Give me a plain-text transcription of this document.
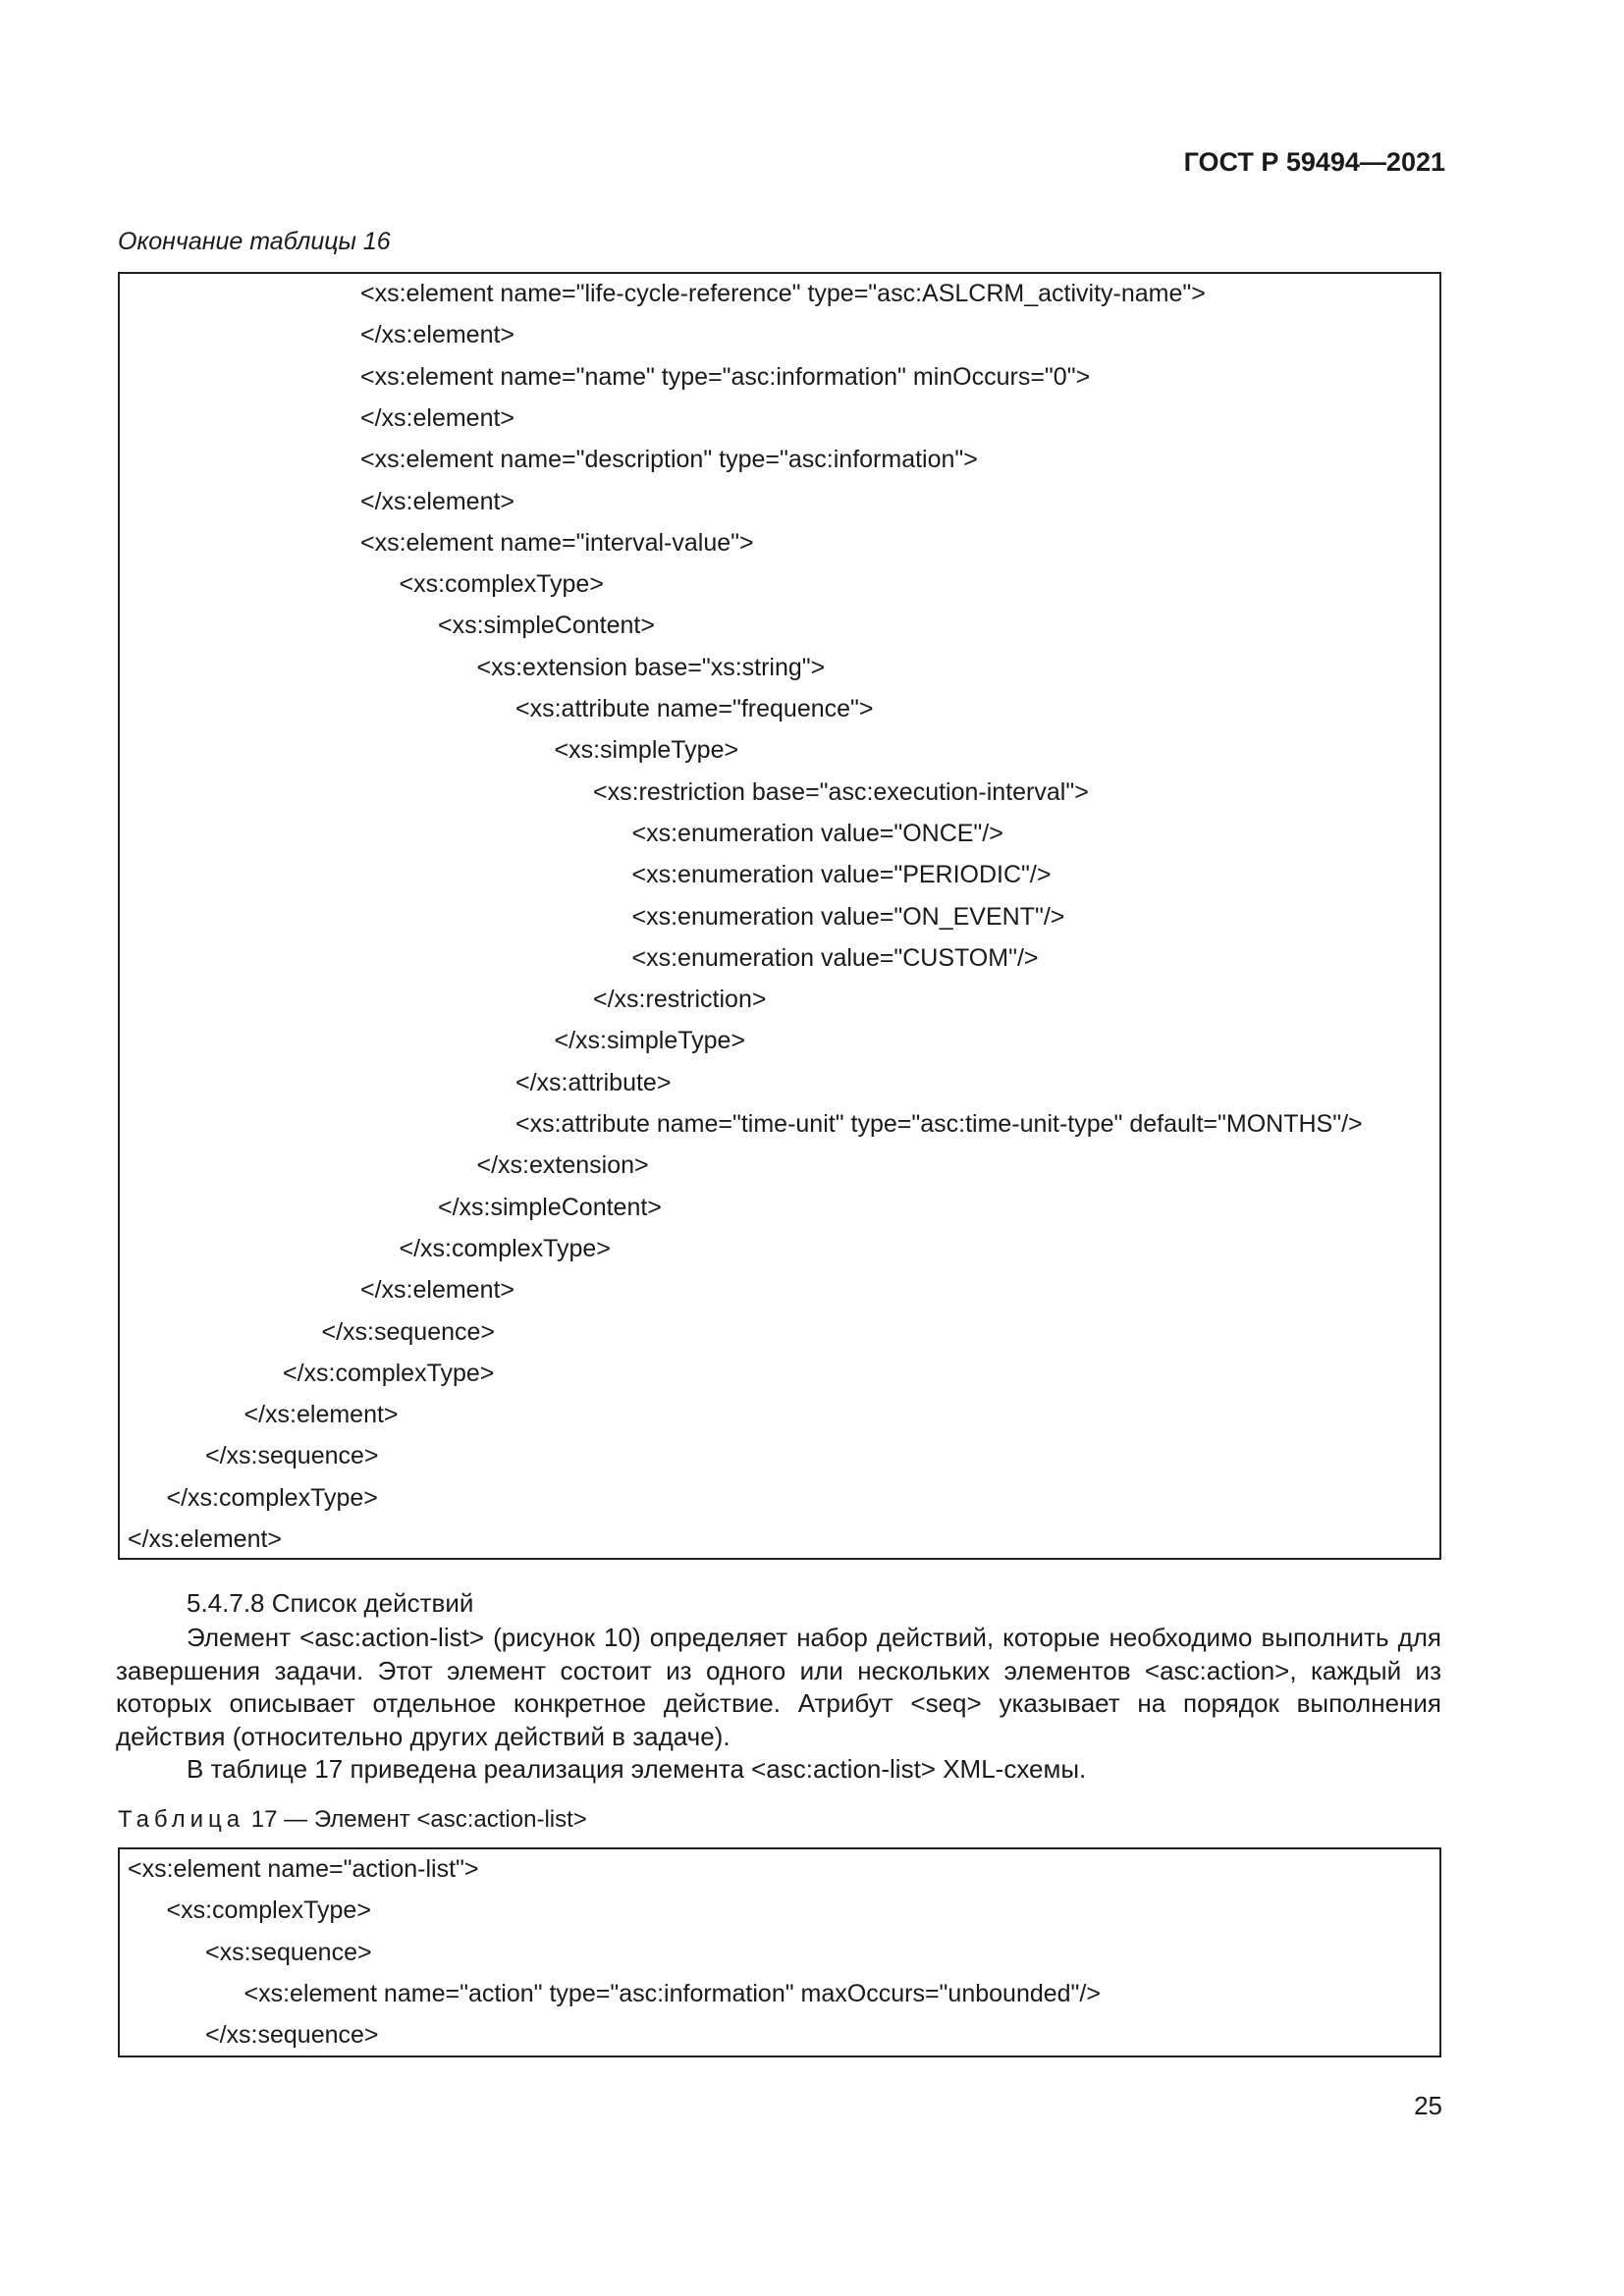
ГОСТ Р 59494—2021
Окончание таблицы 16
<xs:element name="life-cycle-reference" type="asc:ASLCRM_activity-name">
</xs:element>
<xs:element name="name" type="asc:information" minOccurs="0">
</xs:element>
<xs:element name="description" type="asc:information">
</xs:element>
<xs:element name="interval-value">
<xs:complexType>
<xs:simpleContent>
<xs:extension base="xs:string">
<xs:attribute name="frequence">
<xs:simpleType>
<xs:restriction base="asc:execution-interval">
<xs:enumeration value="ONCE"/>
<xs:enumeration value="PERIODIC"/>
<xs:enumeration value="ON_EVENT"/>
<xs:enumeration value="CUSTOM"/>
</xs:restriction>
</xs:simpleType>
</xs:attribute>
<xs:attribute name="time-unit" type="asc:time-unit-type" default="MONTHS"/>
</xs:extension>
</xs:simpleContent>
</xs:complexType>
</xs:element>
</xs:sequence>
</xs:complexType>
</xs:element>
</xs:sequence>
</xs:complexType>
</xs:element>
5.4.7.8 Список действий
Элемент <asc:action-list> (рисунок 10) определяет набор действий, которые необходимо выполнить для завершения задачи. Этот элемент состоит из одного или нескольких элементов <asc:action>, каждый из которых описывает отдельное конкретное действие. Атрибут <seq> указывает на порядок выполнения действия (относительно других действий в задаче).
В таблице 17 приведена реализация элемента <asc:action-list> XML-схемы.
Таблица 17 — Элемент <asc:action-list>
<xs:element name="action-list">
<xs:complexType>
<xs:sequence>
<xs:element name="action" type="asc:information" maxOccurs="unbounded"/>
</xs:sequence>
25
